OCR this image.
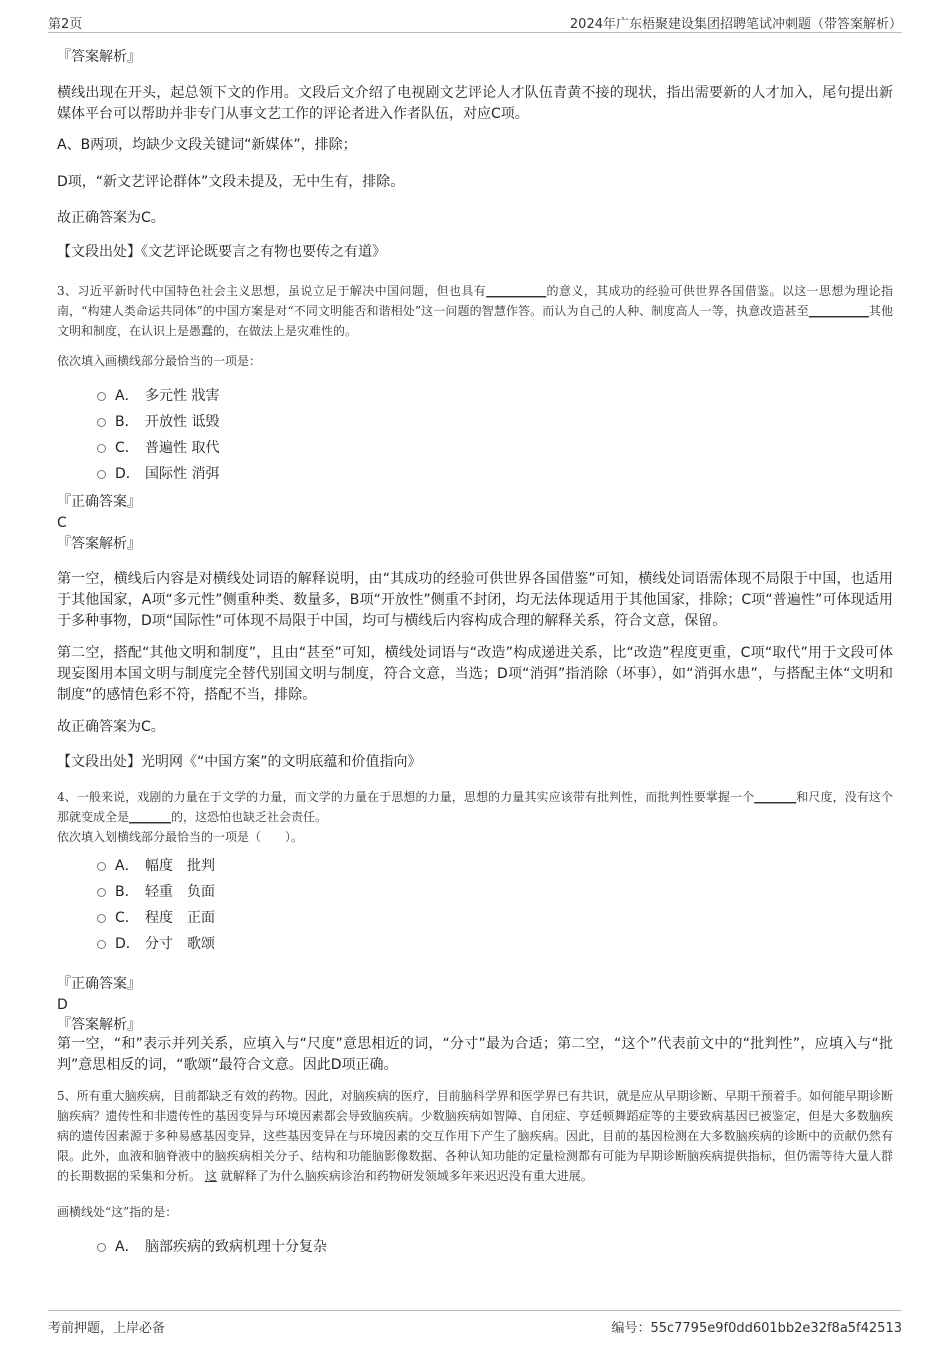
第2页	2024年广东梧聚建设集团招聘笔试冲刺题（带答案解析）
『答案解析』
横线出现在开头，起总领下文的作用。文段后文介绍了电视剧文艺评论人才队伍青黄不接的现状，指出需要新的人才加入，尾句提出新媒体平台可以帮助并非专门从事文艺工作的评论者进入作者队伍，对应C项。
A、B两项，均缺少文段关键词“新媒体”，排除；
D项，“新文艺评论群体”文段未提及，无中生有，排除。
故正确答案为C。
【文段出处】《文艺评论既要言之有物也要传之有道》
3、习近平新时代中国特色社会主义思想，虽说立足于解决中国问题，但也具有__________的意义，其成功的经验可供世界各国借鉴。以这一思想为理论指南，“构建人类命运共同体”的中国方案是对“不同文明能否和谐相处”这一问题的智慧作答。而认为自己的人种、制度高人一等，执意改造甚至__________其他文明和制度，在认识上是愚蠢的，在做法上是灾难性的。
依次填入画横线部分最恰当的一项是：
A． 多元性 戕害
B． 开放性 诋毁
C． 普遍性 取代
D． 国际性 消弭
『正确答案』
C
『答案解析』
第一空，横线后内容是对横线处词语的解释说明，由“其成功的经验可供世界各国借鉴”可知，横线处词语需体现不局限于中国，也适用于其他国家，A项“多元性”侧重种类、数量多，B项“开放性”侧重不封闭，均无法体现适用于其他国家，排除；C项“普遍性”可体现适用于多种事物，D项“国际性”可体现不局限于中国，均可与横线后内容构成合理的解释关系，符合文意，保留。
第二空，搭配“其他文明和制度”，且由“甚至”可知，横线处词语与“改造”构成递进关系，比“改造”程度更重，C项“取代”用于文段可体现妄图用本国文明与制度完全替代别国文明与制度，符合文意，当选；D项“消弭”指消除（坏事），如“消弭水患”，与搭配主体“文明和制度”的感情色彩不符，搭配不当，排除。
故正确答案为C。
【文段出处】光明网《“中国方案”的文明底蕴和价值指向》
4、一般来说，戏剧的力量在于文学的力量，而文学的力量在于思想的力量，思想的力量其实应该带有批判性，而批判性要掌握一个_______和尺度，没有这个那就变成全是_______的，这恐怕也缺乏社会责任。
依次填入划横线部分最恰当的一项是（　　）。
A． 幅度　批判
B． 轻重　负面
C． 程度　正面
D． 分寸　歌颂
『正确答案』
D
『答案解析』
第一空，“和”表示并列关系，应填入与“尺度”意思相近的词，“分寸”最为合适；第二空，“这个”代表前文中的“批判性”，应填入与“批判”意思相反的词，“歌颂”最符合文意。因此D项正确。
5、所有重大脑疾病，目前都缺乏有效的药物。因此，对脑疾病的医疗，目前脑科学界和医学界已有共识，就是应从早期诊断、早期干预着手。如何能早期诊断脑疾病？遗传性和非遗传性的基因变异与环境因素都会导致脑疾病。少数脑疾病如智障、自闭症、亨廷顿舞蹈症等的主要致病基因已被鉴定，但是大多数脑疾病的遗传因素源于多种易感基因变异，这些基因变异在与环境因素的交互作用下产生了脑疾病。因此，目前的基因检测在大多数脑疾病的诊断中的贡献仍然有限。此外，血液和脑脊液中的脑疾病相关分子、结构和功能脑影像数据、各种认知功能的定量检测都有可能为早期诊断脑疾病提供指标，但仍需等待大量人群的长期数据的采集和分析。 这 就解释了为什么脑疾病诊治和药物研发领域多年来迟迟没有重大进展。
画横线处“这”指的是：
A． 脑部疾病的致病机理十分复杂
考前押题，上岸必备	编号：55c7795e9f0dd601bb2e32f8a5f42513
